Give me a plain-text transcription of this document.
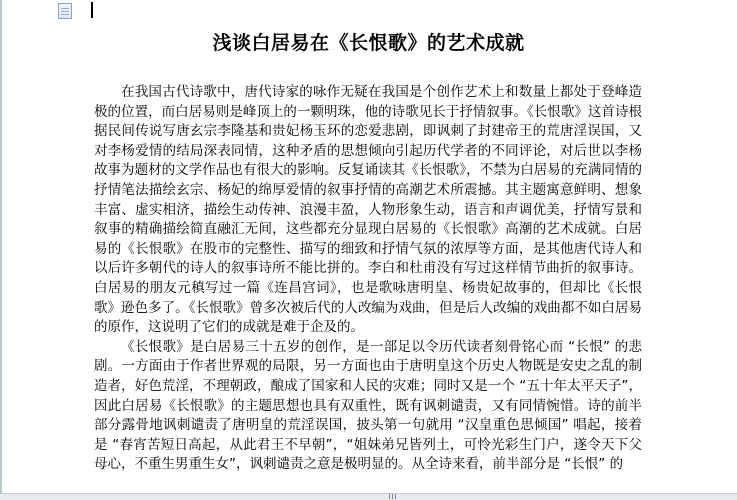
浅谈白居易在《长恨歌》的艺术成就

在我国古代诗歌中，唐代诗家的咏作无疑在我国是个创作艺术上和数量上都处于登峰造极的位置，而白居易则是峰顶上的一颗明珠，他的诗歌见长于抒情叙事。《长恨歌》这首诗根据民间传说写唐玄宗李隆基和贵妃杨玉环的恋爱悲剧，即讽刺了封建帝王的荒唐淫误国，又对李杨爱情的结局深表同情，这种矛盾的思想倾向引起历代学者的不同评论，对后世以李杨故事为题材的文学作品也有很大的影响。反复诵读其《长恨歌》，不禁为白居易的充满同情的抒情笔法描绘玄宗、杨妃的绵厚爱情的叙事抒情的高潮艺术所震撼。其主题寓意鲜明、想象丰富、虚实相济，描绘生动传神、浪漫丰盈，人物形象生动，语言和声调优美，抒情写景和叙事的精确描绘简直融汇无间，这些都充分显现白居易的《长恨歌》高潮的艺术成就。白居易的《长恨歌》在股市的完整性、描写的细致和抒情气氛的浓厚等方面，是其他唐代诗人和以后许多朝代的诗人的叙事诗所不能比拼的。李白和杜甫没有写过这样情节曲折的叙事诗。白居易的朋友元稹写过一篇《连昌宫词》，也是歌咏唐明皇、杨贵妃故事的，但却比《长恨歌》逊色多了。《长恨歌》曾多次被后代的人改编为戏曲，但是后人改编的戏曲都不如白居易的原作，这说明了它们的成就是难于企及的。

《长恨歌》是白居易三十五岁的创作，是一部足以令历代读者刻骨铭心而 “长恨” 的悲剧。一方面由于作者世界观的局限，另一方面也由于唐明皇这个历史人物既是安史之乱的制造者，好色荒淫，不理朝政，酿成了国家和人民的灾难；同时又是一个 “五十年太平天子”，因此白居易《长恨歌》的主题思想也具有双重性，既有讽刺谴责，又有同情惋惜。诗的前半部分露骨地讽刺谴责了唐明皇的荒淫误国，披头第一句就用 “汉皇重色思倾国” 唱起，接着是 “春宵苦短日高起，从此君王不早朝”，“姐妹弟兄皆列土，可怜光彩生门户，遂令天下父母心，不重生男重生女”，讽刺谴责之意是极明显的。从全诗来看，前半部分是 “长恨” 的
